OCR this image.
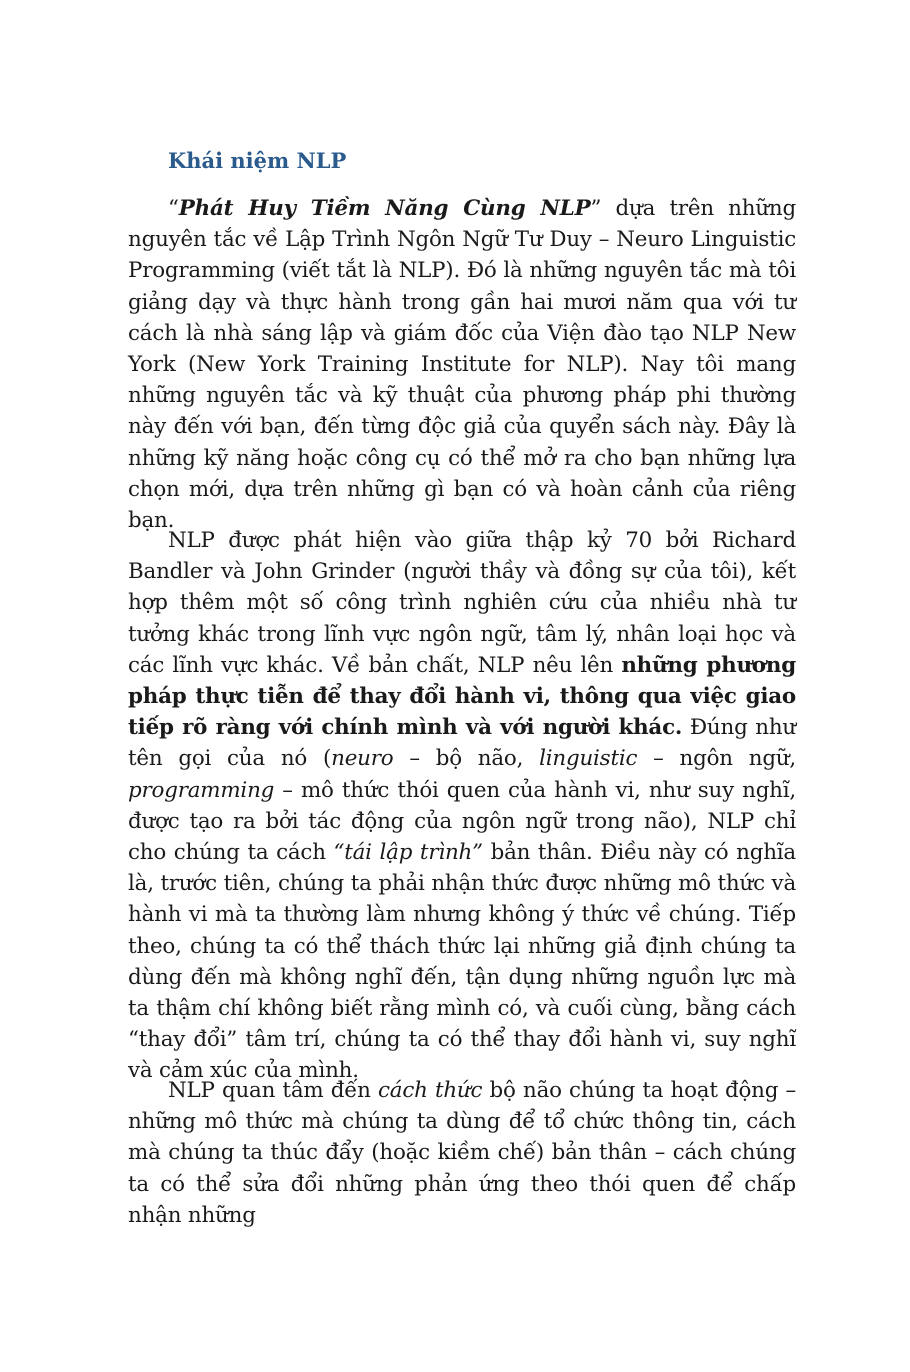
Khái niệm NLP

“Phát Huy Tiềm Năng Cùng NLP” dựa trên những nguyên tắc về Lập Trình Ngôn Ngữ Tư Duy – Neuro Linguistic Programming (viết tắt là NLP). Đó là những nguyên tắc mà tôi giảng dạy và thực hành trong gần hai mươi năm qua với tư cách là nhà sáng lập và giám đốc của Viện đào tạo NLP New York (New York Training Institute for NLP). Nay tôi mang những nguyên tắc và kỹ thuật của phương pháp phi thường này đến với bạn, đến từng độc giả của quyển sách này. Đây là những kỹ năng hoặc công cụ có thể mở ra cho bạn những lựa chọn mới, dựa trên những gì bạn có và hoàn cảnh của riêng bạn.

NLP được phát hiện vào giữa thập kỷ 70 bởi Richard Bandler và John Grinder (người thầy và đồng sự của tôi), kết hợp thêm một số công trình nghiên cứu của nhiều nhà tư tưởng khác trong lĩnh vực ngôn ngữ, tâm lý, nhân loại học và các lĩnh vực khác. Về bản chất, NLP nêu lên những phương pháp thực tiễn để thay đổi hành vi, thông qua việc giao tiếp rõ ràng với chính mình và với người khác. Đúng như tên gọi của nó (neuro – bộ não, linguistic – ngôn ngữ, programming – mô thức thói quen của hành vi, như suy nghĩ, được tạo ra bởi tác động của ngôn ngữ trong não), NLP chỉ cho chúng ta cách “tái lập trình” bản thân. Điều này có nghĩa là, trước tiên, chúng ta phải nhận thức được những mô thức và hành vi mà ta thường làm nhưng không ý thức về chúng. Tiếp theo, chúng ta có thể thách thức lại những giả định chúng ta dùng đến mà không nghĩ đến, tận dụng những nguồn lực mà ta thậm chí không biết rằng mình có, và cuối cùng, bằng cách “thay đổi” tâm trí, chúng ta có thể thay đổi hành vi, suy nghĩ và cảm xúc của mình.

NLP quan tâm đến cách thức bộ não chúng ta hoạt động – những mô thức mà chúng ta dùng để tổ chức thông tin, cách mà chúng ta thúc đẩy (hoặc kiềm chế) bản thân – cách chúng ta có thể sửa đổi những phản ứng theo thói quen để chấp nhận những
